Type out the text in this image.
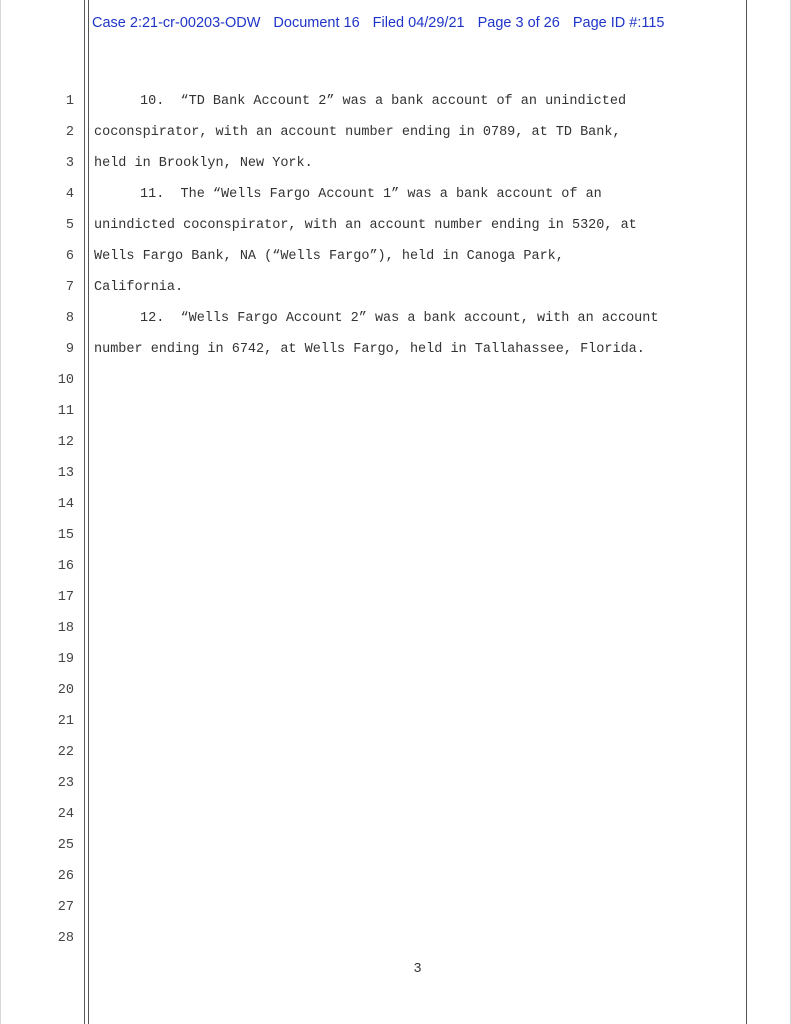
Case 2:21-cr-00203-ODW Document 16 Filed 04/29/21 Page 3 of 26 Page ID #:115
1
2
3
4
5
6
7
8
9
10
11
12
13
14
15
16
17
18
19
20
21
22
23
24
25
26
27
28
10.  “TD Bank Account 2” was a bank account of an unindicted
coconspirator, with an account number ending in 0789, at TD Bank,
held in Brooklyn, New York.
11.  The “Wells Fargo Account 1” was a bank account of an
unindicted coconspirator, with an account number ending in 5320, at
Wells Fargo Bank, NA (“Wells Fargo”), held in Canoga Park,
California.
12.  “Wells Fargo Account 2” was a bank account, with an account
number ending in 6742, at Wells Fargo, held in Tallahassee, Florida.
3
